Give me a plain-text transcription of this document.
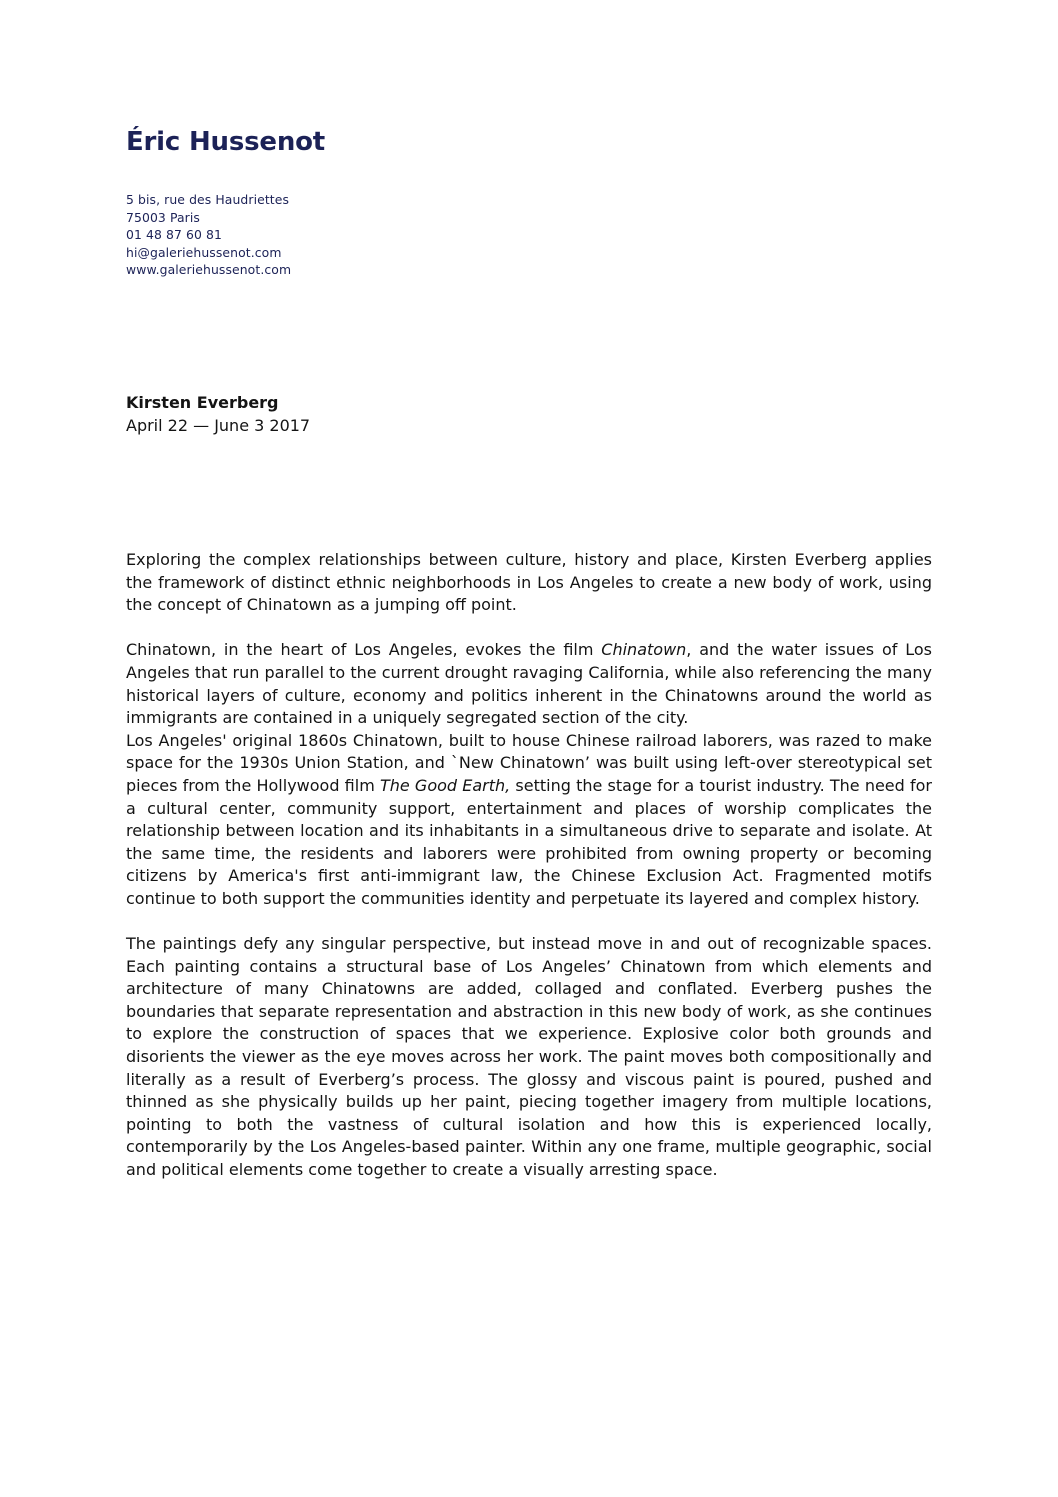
Éric Hussenot
5 bis, rue des Haudriettes
75003 Paris
01 48 87 60 81
hi@galeriehussenot.com
www.galeriehussenot.com
Kirsten Everberg
April 22 — June 3 2017

Exploring the complex relationships between culture, history and place, Kirsten Everberg applies the framework of distinct ethnic neighborhoods in Los Angeles to create a new body of work, using the concept of Chinatown as a jumping off point.

Chinatown, in the heart of Los Angeles, evokes the film Chinatown, and the water issues of Los Angeles that run parallel to the current drought ravaging California, while also referencing the many historical layers of culture, economy and politics inherent in the Chinatowns around the world as immigrants are contained in a uniquely segregated section of the city.

Los Angeles' original 1860s Chinatown, built to house Chinese railroad laborers, was razed to make space for the 1930s Union Station, and `New Chinatown’ was built using left-over stereotypical set pieces from the Hollywood film The Good Earth, setting the stage for a tourist industry. The need for a cultural center, community support, entertainment and places of worship complicates the relationship between location and its inhabitants in a simultaneous drive to separate and isolate. At the same time, the residents and laborers were prohibited from owning property or becoming citizens by America's first anti-immigrant law, the Chinese Exclusion Act. Fragmented motifs continue to both support the communities identity and perpetuate its layered and complex history.

The paintings defy any singular perspective, but instead move in and out of recognizable spaces. Each painting contains a structural base of Los Angeles’ Chinatown from which elements and architecture of many Chinatowns are added, collaged and conflated. Everberg pushes the boundaries that separate representation and abstraction in this new body of work, as she continues to explore the construction of spaces that we experience. Explosive color both grounds and disorients the viewer as the eye moves across her work. The paint moves both compositionally and literally as a result of Everberg’s process. The glossy and viscous paint is poured, pushed and thinned as she physically builds up her paint, piecing together imagery from multiple locations, pointing to both the vastness of cultural isolation and how this is experienced locally, contemporarily by the Los Angeles-based painter. Within any one frame, multiple geographic, social and political elements come together to create a visually arresting space.
